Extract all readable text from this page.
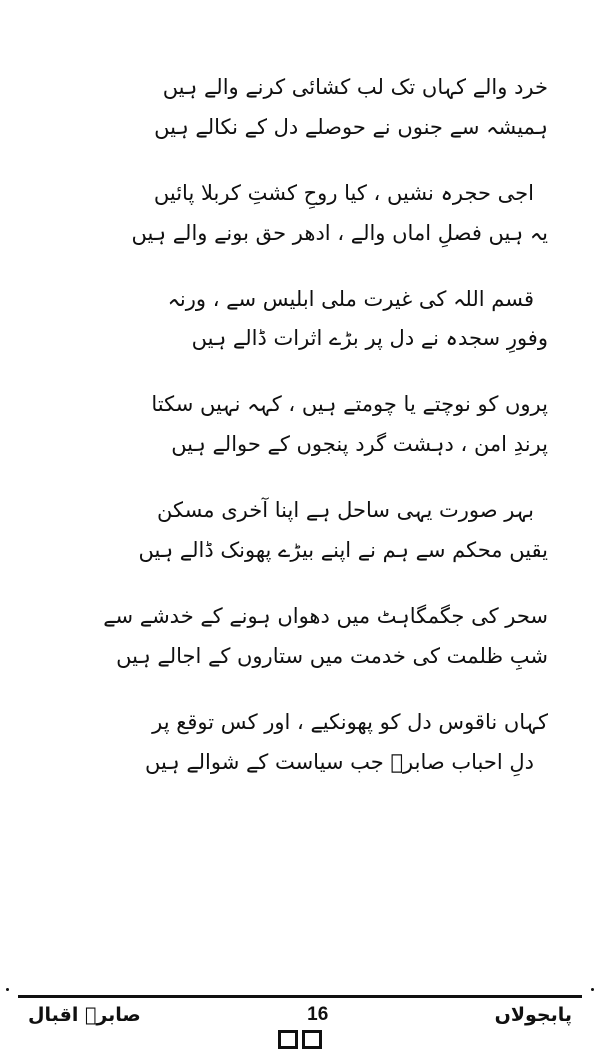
خرد والے کہاں تک لب کشائی کرنے والے ہیں
ہمیشہ سے جنوں نے حوصلے دل کے نکالے ہیں
اجی حجرہ نشیں ، کیا روحِ کشتِ کربلا پائیں
یہ ہیں فصلِ اماں والے ، ادھر حق بونے والے ہیں
قسم اللہ کی غیرت ملی ابلیس سے ، ورنہ
وفورِ سجدہ نے دل پر بڑے اثرات ڈالے ہیں
پروں کو نوچتے یا چومتے ہیں ، کہہ نہیں سکتا
پرندِ امن ، دہشت گرد پنجوں کے حوالے ہیں
بہر صورت یہی ساحل ہے اپنا آخری مسکن
یقیں محکم سے ہم نے اپنے بیڑے پھونک ڈالے ہیں
سحر کی جگمگاہٹ میں دھواں ہونے کے خدشے سے
شبِ ظلمت کی خدمت میں ستاروں کے اجالے ہیں
کہاں ناقوس دل کو پھونکیے ، اور کس توقع پر
دلِ احباب صابرؔ جب سیاست کے شوالے ہیں
پابجولاں
16
صابرؔ اقبال
